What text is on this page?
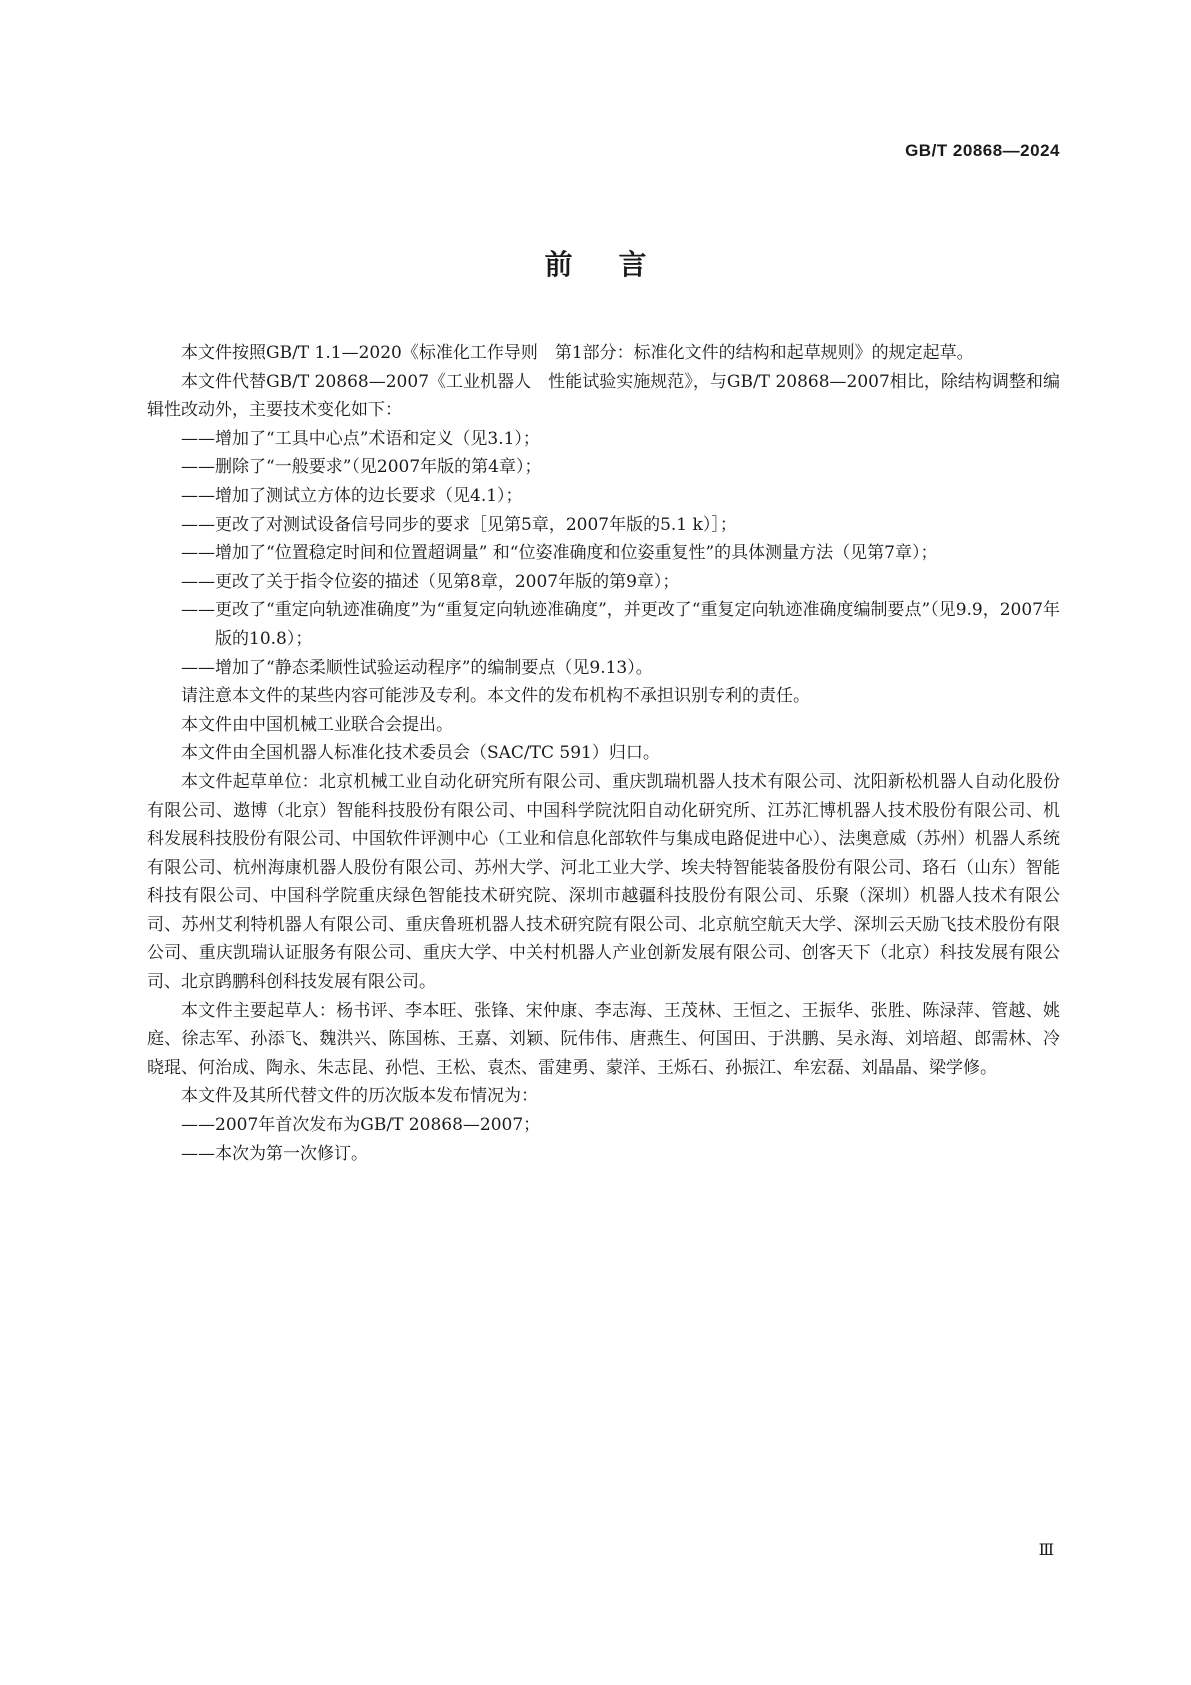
GB/T 20868—2024
前言

本文件按照GB/T 1.1—2020《标准化工作导则　第1部分：标准化文件的结构和起草规则》的规定起草。

本文件代替GB/T 20868—2007《工业机器人　性能试验实施规范》，与GB/T 20868—2007相比，除结构调整和编辑性改动外，主要技术变化如下：

—— 增加了“工具中心点”术语和定义（见3.1）；

—— 删除了“一般要求”（见2007年版的第4章）；

—— 增加了测试立方体的边长要求（见4.1）；

—— 更改了对测试设备信号同步的要求［见第5章，2007年版的5.1 k）］；

—— 增加了“位置稳定时间和位置超调量” 和“位姿准确度和位姿重复性”的具体测量方法（见第7章）；

—— 更改了关于指令位姿的描述（见第8章，2007年版的第9章）；

—— 更改了“重定向轨迹准确度”为“重复定向轨迹准确度”，并更改了“重复定向轨迹准确度编制要点”（见9.9，2007年版的10.8）；

—— 增加了“静态柔顺性试验运动程序”的编制要点（见9.13）。

请注意本文件的某些内容可能涉及专利。本文件的发布机构不承担识别专利的责任。

本文件由中国机械工业联合会提出。

本文件由全国机器人标准化技术委员会（SAC/TC 591）归口。

本文件起草单位：北京机械工业自动化研究所有限公司、重庆凯瑞机器人技术有限公司、沈阳新松机器人自动化股份有限公司、遨博（北京）智能科技股份有限公司、中国科学院沈阳自动化研究所、江苏汇博机器人技术股份有限公司、机科发展科技股份有限公司、中国软件评测中心（工业和信息化部软件与集成电路促进中心）、法奥意威（苏州）机器人系统有限公司、杭州海康机器人股份有限公司、苏州大学、河北工业大学、埃夫特智能装备股份有限公司、珞石（山东）智能科技有限公司、中国科学院重庆绿色智能技术研究院、深圳市越疆科技股份有限公司、乐聚（深圳）机器人技术有限公司、苏州艾利特机器人有限公司、重庆鲁班机器人技术研究院有限公司、北京航空航天大学、深圳云天励飞技术股份有限公司、重庆凯瑞认证服务有限公司、重庆大学、中关村机器人产业创新发展有限公司、创客天下（北京）科技发展有限公司、北京鹍鹏科创科技发展有限公司。

本文件主要起草人：杨书评、李本旺、张锋、宋仲康、李志海、王茂林、王恒之、王振华、张胜、陈渌萍、管越、姚庭、徐志军、孙添飞、魏洪兴、陈国栋、王嘉、刘颖、阮伟伟、唐燕生、何国田、于洪鹏、吴永海、刘培超、郎需林、冷晓琨、何治成、陶永、朱志昆、孙恺、王松、袁杰、雷建勇、蒙洋、王烁石、孙振江、牟宏磊、刘晶晶、梁学修。

本文件及其所代替文件的历次版本发布情况为：

—— 2007年首次发布为GB/T 20868—2007；

—— 本次为第一次修订。

Ⅲ
